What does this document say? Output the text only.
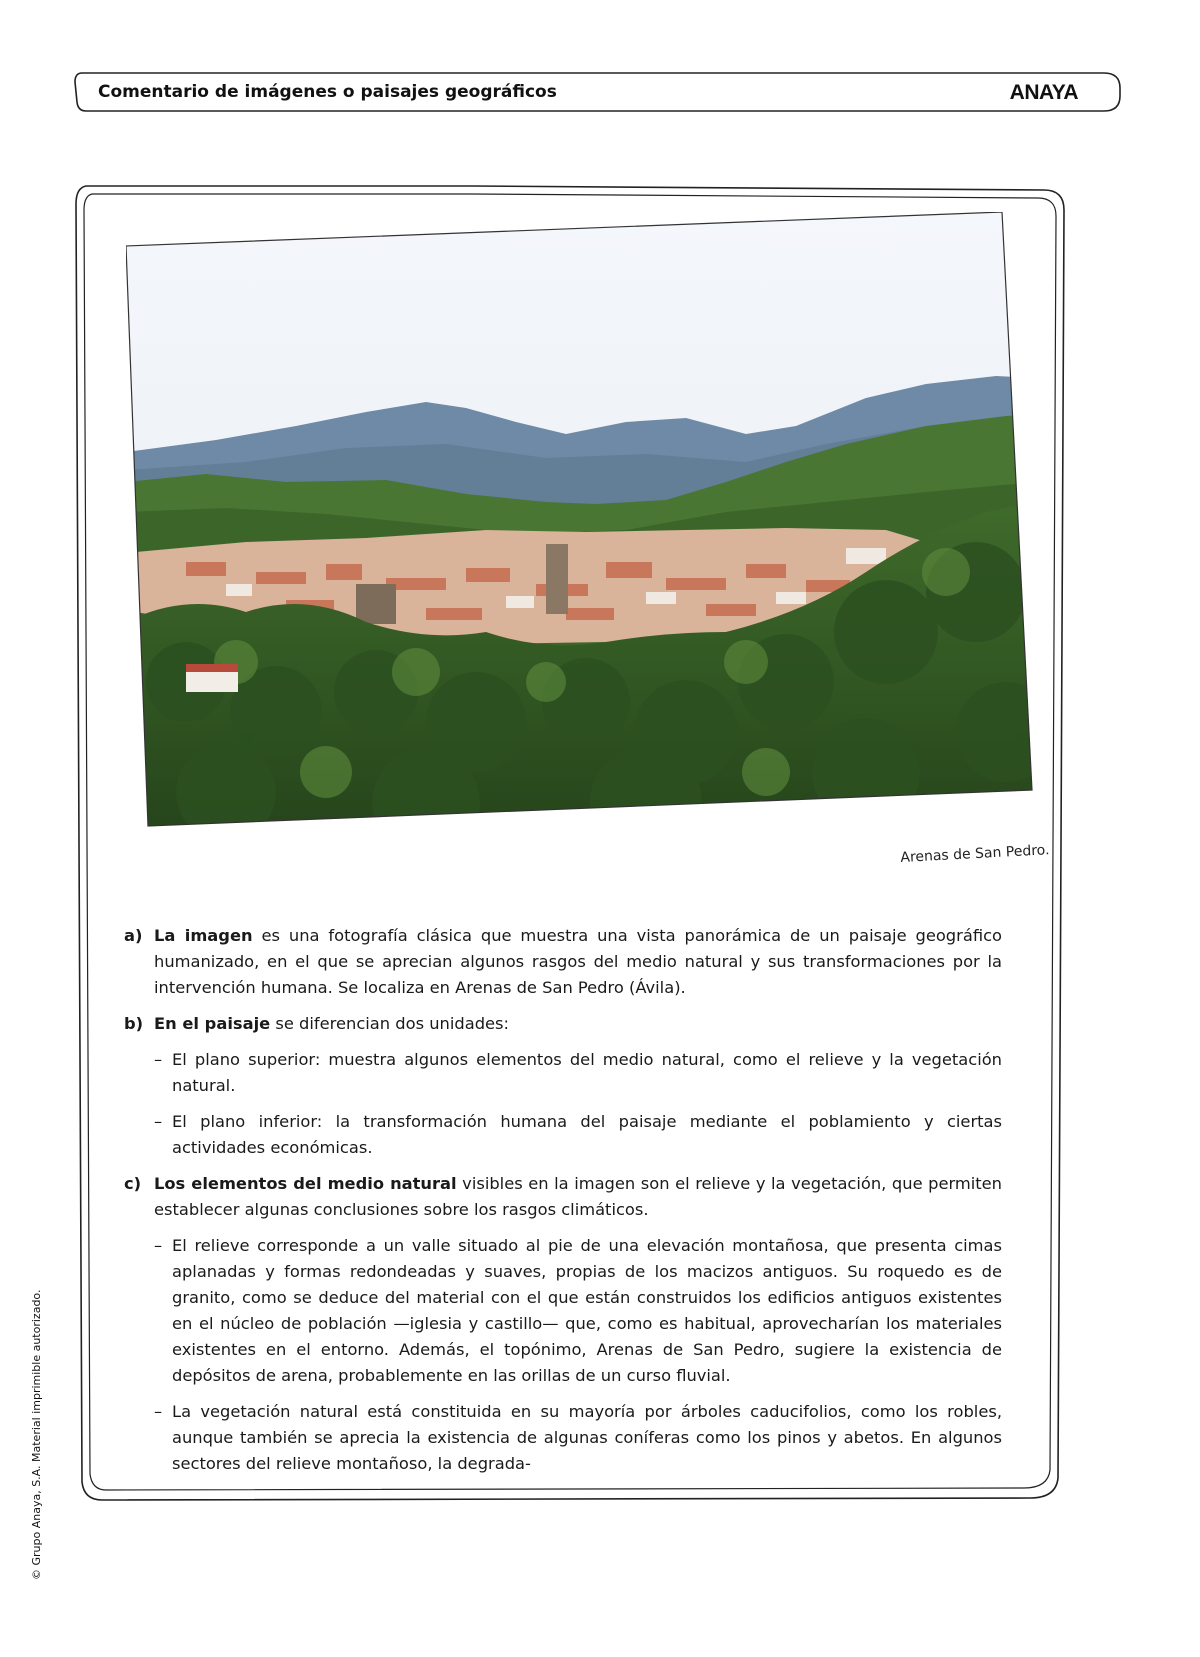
Comentario de imágenes o paisajes geográficos	ANAYA
Arenas de San Pedro.
a) La imagen es una fotografía clásica que muestra una vista panorámica de un paisaje geográfico humanizado, en el que se aprecian algunos rasgos del medio natural y sus transformaciones por la intervención humana. Se localiza en Arenas de San Pedro (Ávila).
b) En el paisaje se diferencian dos unidades:
– El plano superior: muestra algunos elementos del medio natural, como el relieve y la vegetación natural.
– El plano inferior: la transformación humana del paisaje mediante el poblamiento y ciertas actividades económicas.
c) Los elementos del medio natural visibles en la imagen son el relieve y la vegetación, que permiten establecer algunas conclusiones sobre los rasgos climáticos.
– El relieve corresponde a un valle situado al pie de una elevación montañosa, que presenta cimas aplanadas y formas redondeadas y suaves, propias de los macizos antiguos. Su roquedo es de granito, como se deduce del material con el que están construidos los edificios antiguos existentes en el núcleo de población —iglesia y castillo— que, como es habitual, aprovecharían los materiales existentes en el entorno. Además, el topónimo, Arenas de San Pedro, sugiere la existencia de depósitos de arena, probablemente en las orillas de un curso fluvial.
– La vegetación natural está constituida en su mayoría por árboles caducifolios, como los robles, aunque también se aprecia la existencia de algunas coníferas como los pinos y abetos. En algunos sectores del relieve montañoso, la degrada-
© Grupo Anaya, S.A. Material imprimible autorizado.
